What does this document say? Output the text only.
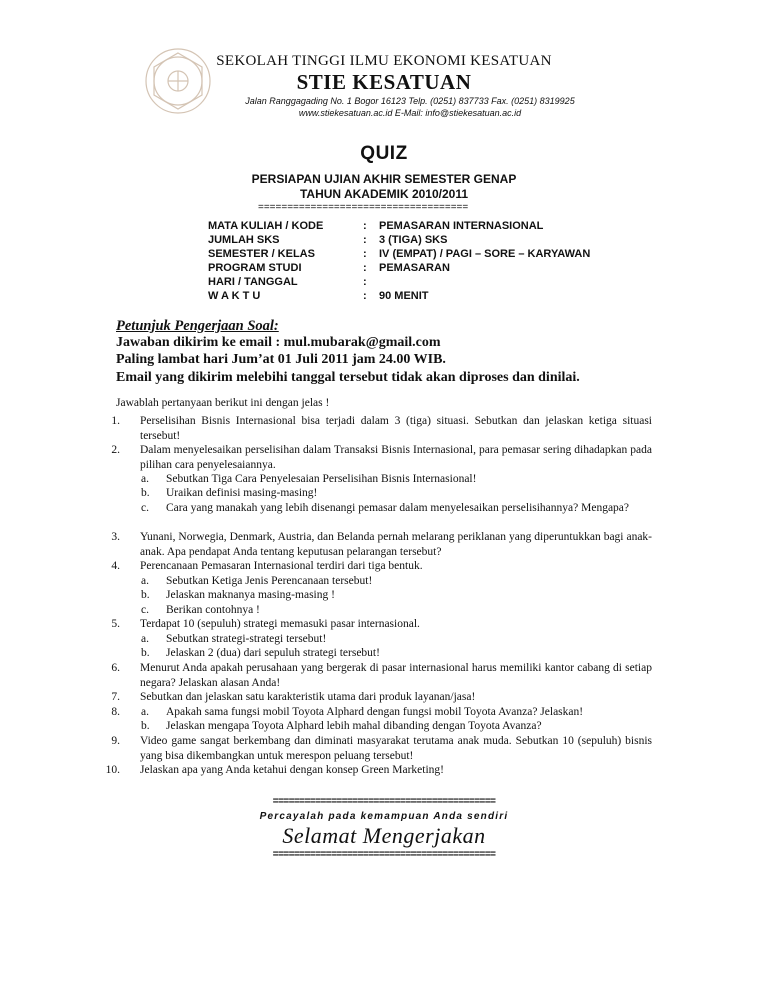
SEKOLAH TINGGI ILMU EKONOMI KESATUAN
STIE KESATUAN
Jalan Ranggagading No. 1 Bogor 16123 Telp. (0251) 837733 Fax. (0251) 8319925
www.stiekesatuan.ac.id E-Mail: info@stiekesatuan.ac.id
QUIZ
PERSIAPAN UJIAN AKHIR SEMESTER GENAP
TAHUN AKADEMIK 2010/2011
====================================
MATA KULIAH / KODE	: PEMASARAN INTERNASIONAL
JUMLAH SKS	: 3 (TIGA) SKS
SEMESTER / KELAS	: IV (EMPAT) / PAGI – SORE – KARYAWAN
PROGRAM STUDI	: PEMASARAN
HARI / TANGGAL	:
W A K T U	: 90 MENIT
Petunjuk Pengerjaan Soal:
Jawaban dikirim ke email : mul.mubarak@gmail.com
Paling lambat hari Jum’at 01 Juli 2011 jam 24.00 WIB.
Email yang dikirim melebihi tanggal tersebut tidak akan diproses dan dinilai.
Jawablah pertanyaan berikut ini dengan jelas !
1. Perselisihan Bisnis Internasional bisa terjadi dalam 3 (tiga) situasi. Sebutkan dan jelaskan ketiga situasi tersebut!
2. Dalam menyelesaikan perselisihan dalam Transaksi Bisnis Internasional, para pemasar sering dihadapkan pada pilihan cara penyelesaiannya.
a. Sebutkan Tiga Cara Penyelesaian Perselisihan Bisnis Internasional!
b. Uraikan definisi masing-masing!
c. Cara yang manakah yang lebih disenangi pemasar dalam menyelesaikan perselisihannya? Mengapa?
3. Yunani, Norwegia, Denmark, Austria, dan Belanda pernah melarang periklanan yang diperuntukkan bagi anak-anak. Apa pendapat Anda tentang keputusan pelarangan tersebut?
4. Perencanaan Pemasaran Internasional terdiri dari tiga bentuk.
a. Sebutkan Ketiga Jenis Perencanaan tersebut!
b. Jelaskan maknanya masing-masing !
c. Berikan contohnya !
5. Terdapat 10 (sepuluh) strategi memasuki pasar internasional.
a. Sebutkan strategi-strategi tersebut!
b. Jelaskan 2 (dua) dari sepuluh strategi tersebut!
6. Menurut Anda apakah perusahaan yang bergerak di pasar internasional harus memiliki kantor cabang di setiap negara? Jelaskan alasan Anda!
7. Sebutkan dan jelaskan satu karakteristik utama dari produk layanan/jasa!
8. a. Apakah sama fungsi mobil Toyota Alphard dengan fungsi mobil Toyota Avanza? Jelaskan!
b. Jelaskan mengapa Toyota Alphard lebih mahal dibanding dengan Toyota Avanza?
9. Video game sangat berkembang dan diminati masyarakat terutama anak muda. Sebutkan 10 (sepuluh) bisnis yang bisa dikembangkan untuk merespon peluang tersebut!
10. Jelaskan apa yang Anda ketahui dengan konsep Green Marketing!
==========================================
Percayalah pada kemampuan Anda sendiri
Selamat Mengerjakan
==========================================
